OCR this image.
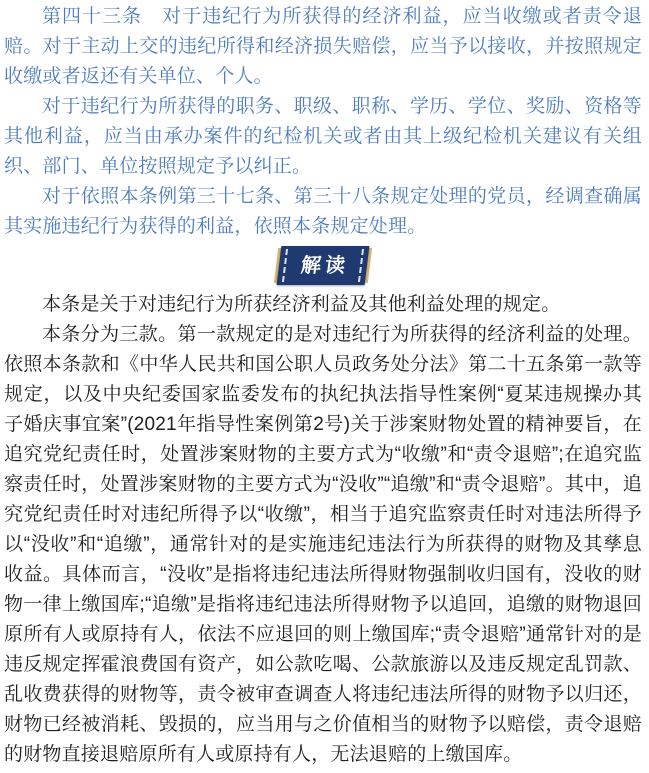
第四十三条　对于违纪行为所获得的经济利益，应当收缴或者责令退赔。对于主动上交的违纪所得和经济损失赔偿，应当予以接收，并按照规定收缴或者返还有关单位、个人。

对于违纪行为所获得的职务、职级、职称、学历、学位、奖励、资格等其他利益，应当由承办案件的纪检机关或者由其上级纪检机关建议有关组织、部门、单位按照规定予以纠正。

对于依照本条例第三十七条、第三十八条规定处理的党员，经调查确属其实施违纪行为获得的利益，依照本条规定处理。

解读

本条是关于对违纪行为所获经济利益及其他利益处理的规定。

本条分为三款。第一款规定的是对违纪行为所获得的经济利益的处理。依照本条款和《中华人民共和国公职人员政务处分法》第二十五条第一款等规定，以及中央纪委国家监委发布的执纪执法指导性案例“夏某违规操办其子婚庆事宜案”(2021年指导性案例第2号)关于涉案财物处置的精神要旨，在追究党纪责任时，处置涉案财物的主要方式为“收缴”和“责令退赔”;在追究监察责任时，处置涉案财物的主要方式为“没收”“追缴”和“责令退赔”。其中，追究党纪责任时对违纪所得予以“收缴”，相当于追究监察责任时对违法所得予以“没收”和“追缴”，通常针对的是实施违纪违法行为所获得的财物及其孳息收益。具体而言，“没收”是指将违纪违法所得财物强制收归国有，没收的财物一律上缴国库;“追缴”是指将违纪违法所得财物予以追回，追缴的财物退回原所有人或原持有人，依法不应退回的则上缴国库;“责令退赔”通常针对的是违反规定挥霍浪费国有资产，如公款吃喝、公款旅游以及违反规定乱罚款、乱收费获得的财物等，责令被审查调查人将违纪违法所得的财物予以归还，财物已经被消耗、毁损的，应当用与之价值相当的财物予以赔偿，责令退赔的财物直接退赔原所有人或原持有人，无法退赔的上缴国库。
